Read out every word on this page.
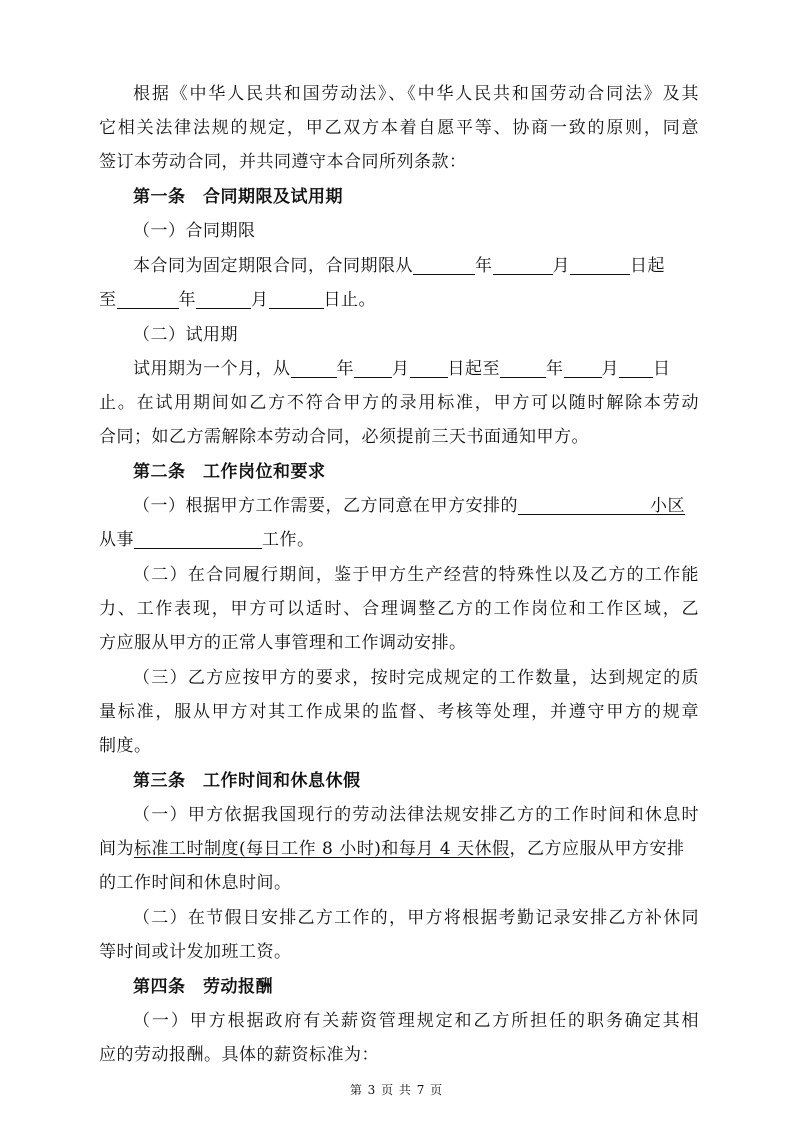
根据《中华人民共和国劳动法》、《中华人民共和国劳动合同法》及其
它相关法律法规的规定，甲乙双方本着自愿平等、协商一致的原则，同意
签订本劳动合同，并共同遵守本合同所列条款：
第一条　合同期限及试用期
（一）合同期限
本合同为固定期限合同，合同期限从	年	月	日起
至	年	月	日止。
（二）试用期
试用期为一个月，从	年 月 日起至	年 月 日
止。在试用期间如乙方不符合甲方的录用标准，甲方可以随时解除本劳动
合同；如乙方需解除本劳动合同，必须提前三天书面通知甲方。
第二条　工作岗位和要求
（一）根据甲方工作需要，乙方同意在甲方安排的	小区
从事	工作。
（二）在合同履行期间，鉴于甲方生产经营的特殊性以及乙方的工作能
力、工作表现，甲方可以适时、合理调整乙方的工作岗位和工作区域，乙
方应服从甲方的正常人事管理和工作调动安排。
（三）乙方应按甲方的要求，按时完成规定的工作数量，达到规定的质
量标准，服从甲方对其工作成果的监督、考核等处理，并遵守甲方的规章
制度。
第三条　工作时间和休息休假
（一）甲方依据我国现行的劳动法律法规安排乙方的工作时间和休息时
间为标准工时制度(每日工作 8 小时)和每月 4 天休假，乙方应服从甲方安排
的工作时间和休息时间。
（二）在节假日安排乙方工作的，甲方将根据考勤记录安排乙方补休同
等时间或计发加班工资。
第四条　劳动报酬
（一）甲方根据政府有关薪资管理规定和乙方所担任的职务确定其相
应的劳动报酬。具体的薪资标准为：
第 3 页 共 7 页
